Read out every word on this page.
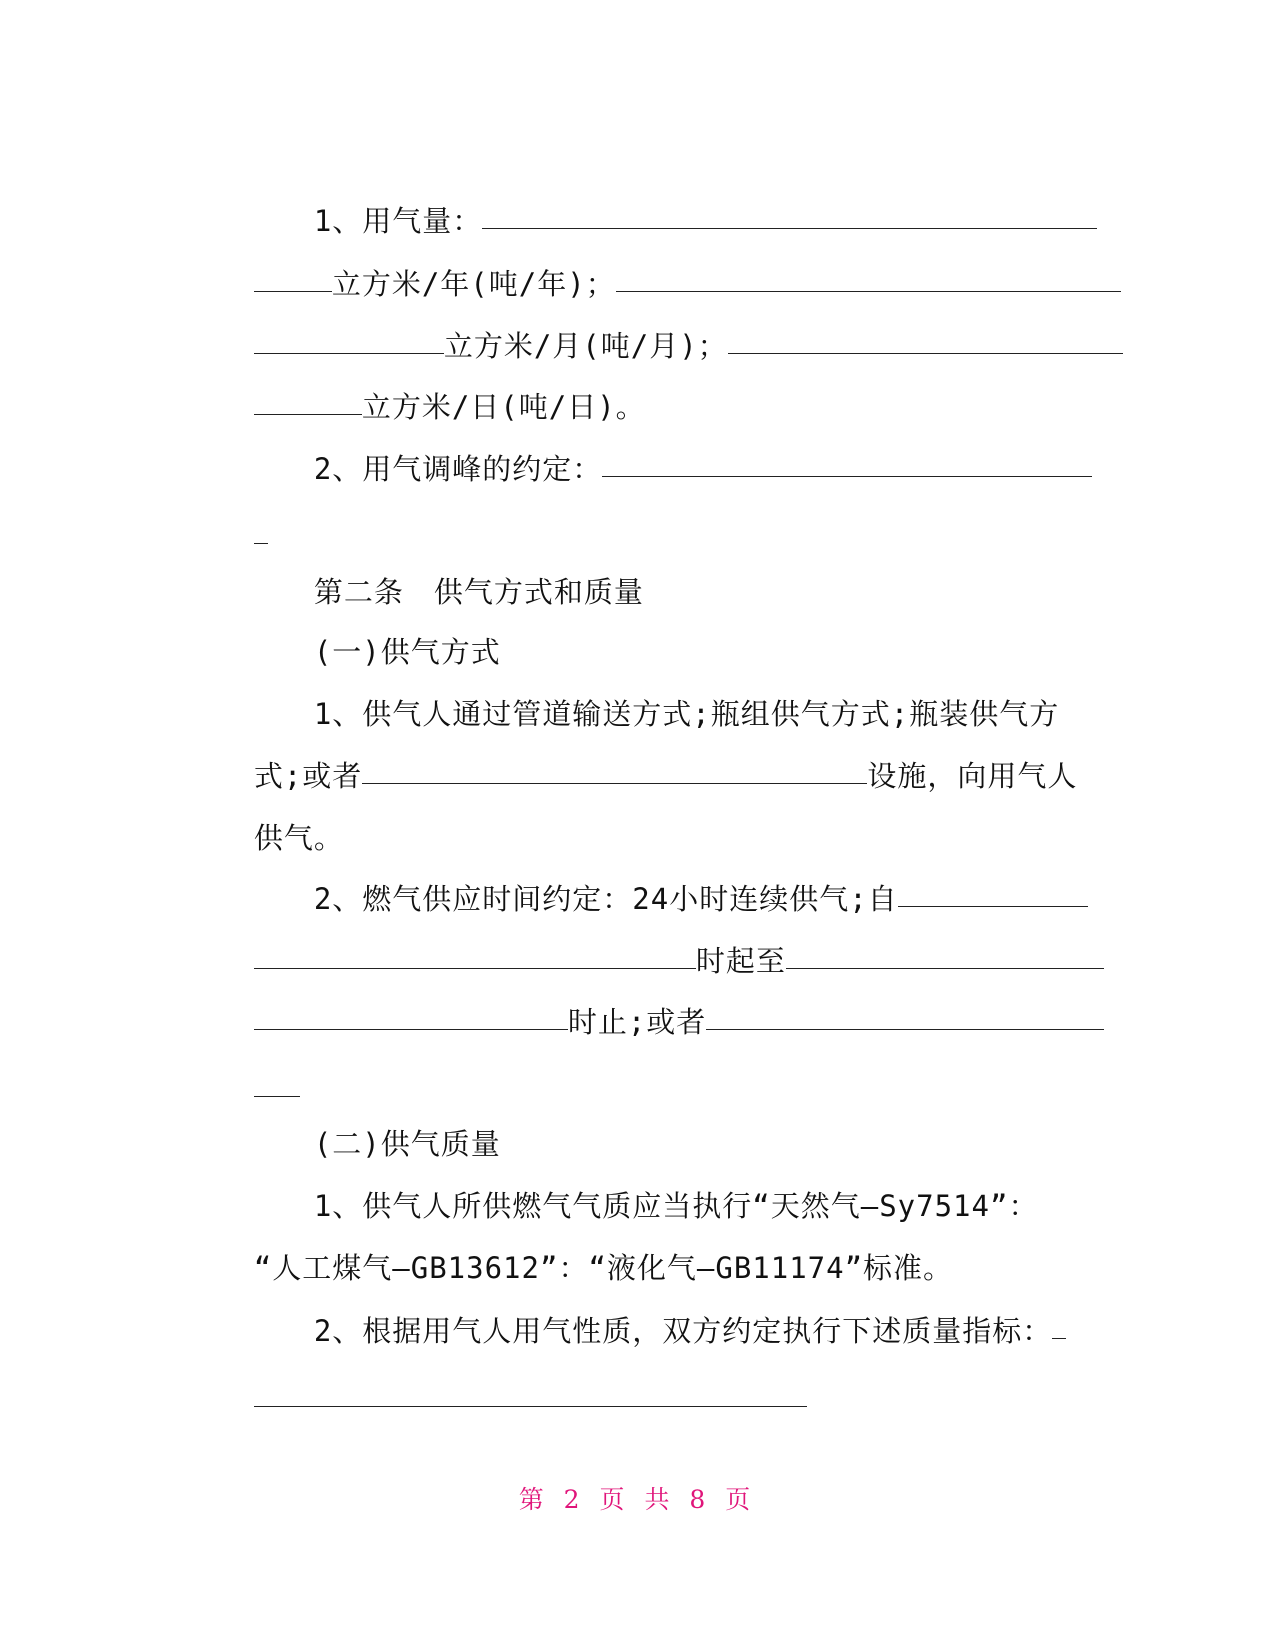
1、用气量：

立方米/年(吨/年)；

立方米/月(吨/月)；

立方米/日(吨/日)。

2、用气调峰的约定：

第二条　供气方式和质量

(一)供气方式

1、供气人通过管道输送方式;瓶组供气方式;瓶装供气方

式;或者	设施，向用气人

供气。

2、燃气供应时间约定：24小时连续供气;自

时起至

时止;或者

(二)供气质量

1、供气人所供燃气气质应当执行“天然气—Sy7514”：

“人工煤气—GB13612”：“液化气—GB11174”标准。

2、根据用气人用气性质，双方约定执行下述质量指标：

第 2 页 共 8 页
